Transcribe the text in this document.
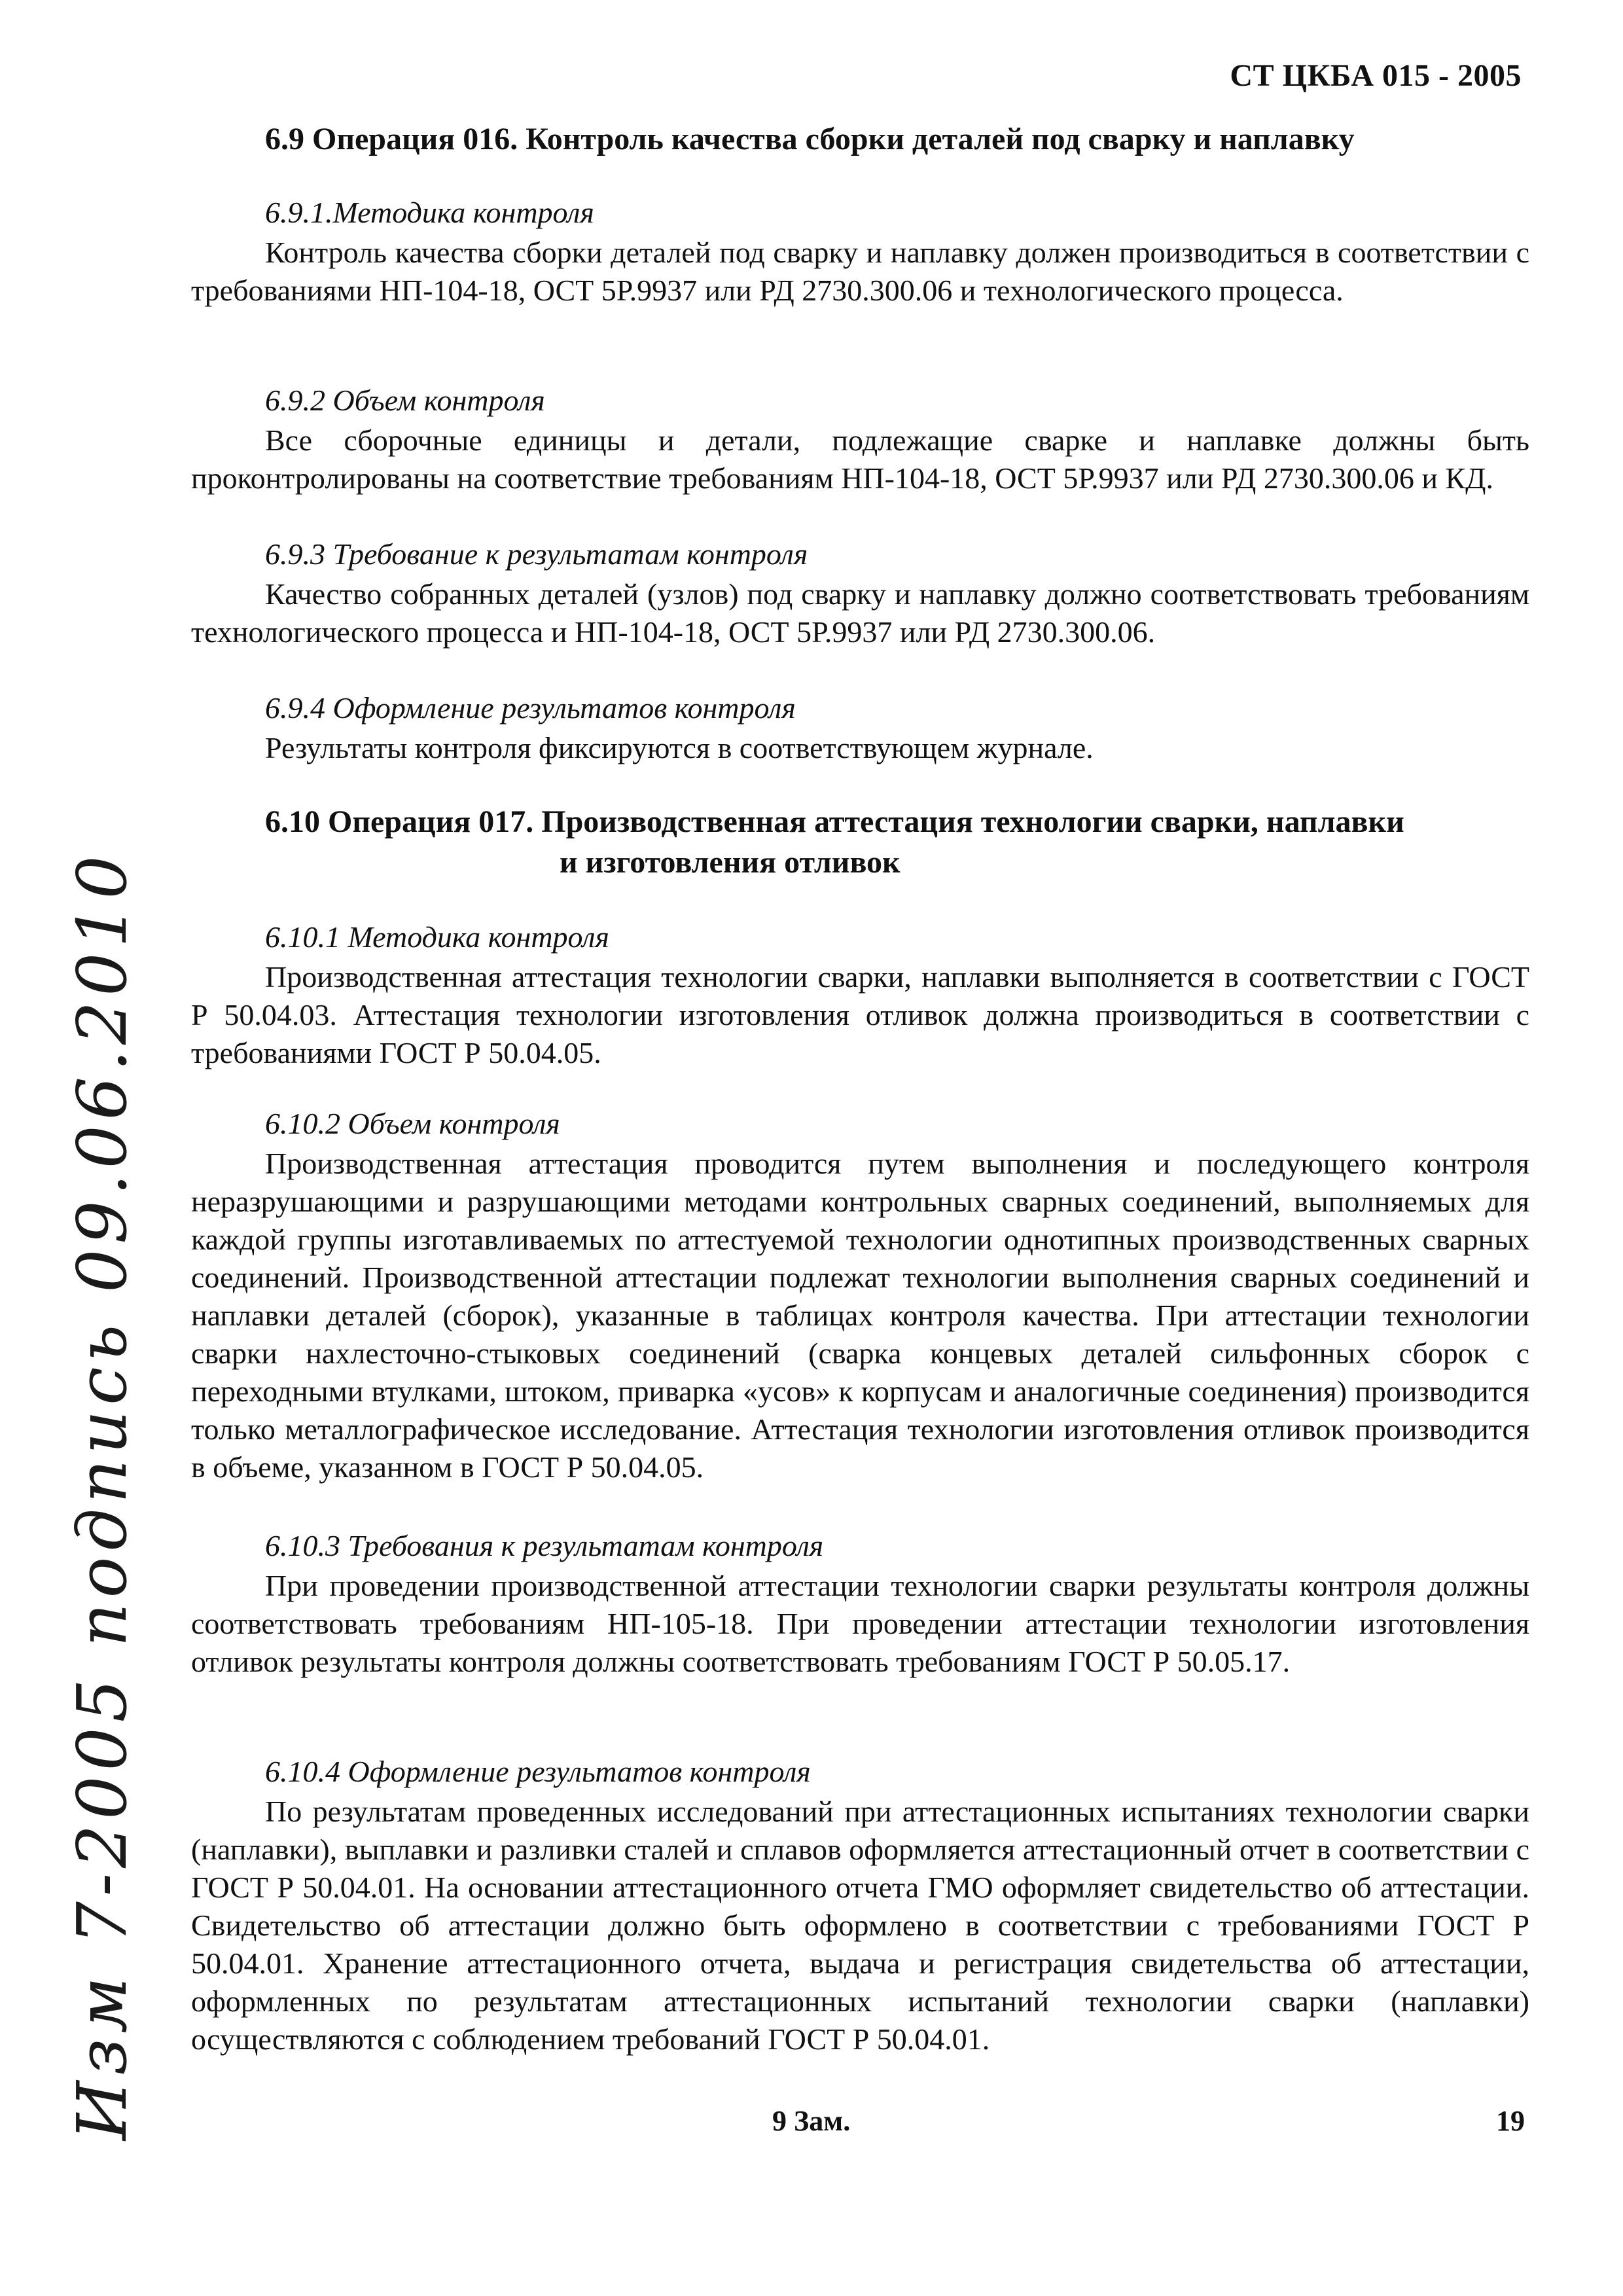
СТ ЦКБА 015 - 2005
6.9 Операция 016. Контроль качества сборки деталей под сварку и наплавку
6.9.1.Методика контроля
Контроль качества сборки деталей под сварку и наплавку должен производиться в соответствии с требованиями НП-104-18, ОСТ 5Р.9937 или РД 2730.300.06 и технологического процесса.
6.9.2 Объем контроля
Все сборочные единицы и детали, подлежащие сварке и наплавке должны быть проконтролированы на соответствие требованиям НП-104-18, ОСТ 5Р.9937 или РД 2730.300.06 и КД.
6.9.3 Требование к результатам контроля
Качество собранных деталей (узлов) под сварку и наплавку должно соответствовать требованиям технологического процесса и НП-104-18, ОСТ 5Р.9937 или РД 2730.300.06.
6.9.4 Оформление результатов контроля
Результаты контроля фиксируются в соответствующем журнале.
6.10 Операция 017. Производственная аттестация технологии сварки, наплавки
и изготовления отливок
6.10.1 Методика контроля
Производственная аттестация технологии сварки, наплавки выполняется в соответствии с ГОСТ Р 50.04.03. Аттестация технологии изготовления отливок должна производиться в соответствии с требованиями ГОСТ Р 50.04.05.
6.10.2 Объем контроля
Производственная аттестация проводится путем выполнения и последующего контроля неразрушающими и разрушающими методами контрольных сварных соединений, выполняемых для каждой группы изготавливаемых по аттестуемой технологии однотипных производственных сварных соединений. Производственной аттестации подлежат технологии выполнения сварных соединений и наплавки деталей (сборок), указанные в таблицах контроля качества. При аттестации технологии сварки нахлесточно-стыковых соединений (сварка концевых деталей сильфонных сборок с переходными втулками, штоком, приварка «усов» к корпусам и аналогичные соединения) производится только металлографическое исследование. Аттестация технологии изготовления отливок производится в объеме, указанном в ГОСТ Р 50.04.05.
6.10.3 Требования к результатам контроля
При проведении производственной аттестации технологии сварки результаты контроля должны соответствовать требованиям НП-105-18. При проведении аттестации технологии изготовления отливок результаты контроля должны соответствовать требованиям ГОСТ Р 50.05.17.
6.10.4 Оформление результатов контроля
По результатам проведенных исследований при аттестационных испытаниях технологии сварки (наплавки), выплавки и разливки сталей и сплавов оформляется аттестационный отчет в соответствии с ГОСТ Р 50.04.01. На основании аттестационного отчета ГМО оформляет свидетельство об аттестации. Свидетельство об аттестации должно быть оформлено в соответствии с требованиями ГОСТ Р 50.04.01. Хранение аттестационного отчета, выдача и регистрация свидетельства об аттестации, оформленных по результатам аттестационных испытаний технологии сварки (наплавки) осуществляются с соблюдением требований ГОСТ Р 50.04.01.
Изм 7-2005 подпись 09.06.2010	9 Зам.	19
